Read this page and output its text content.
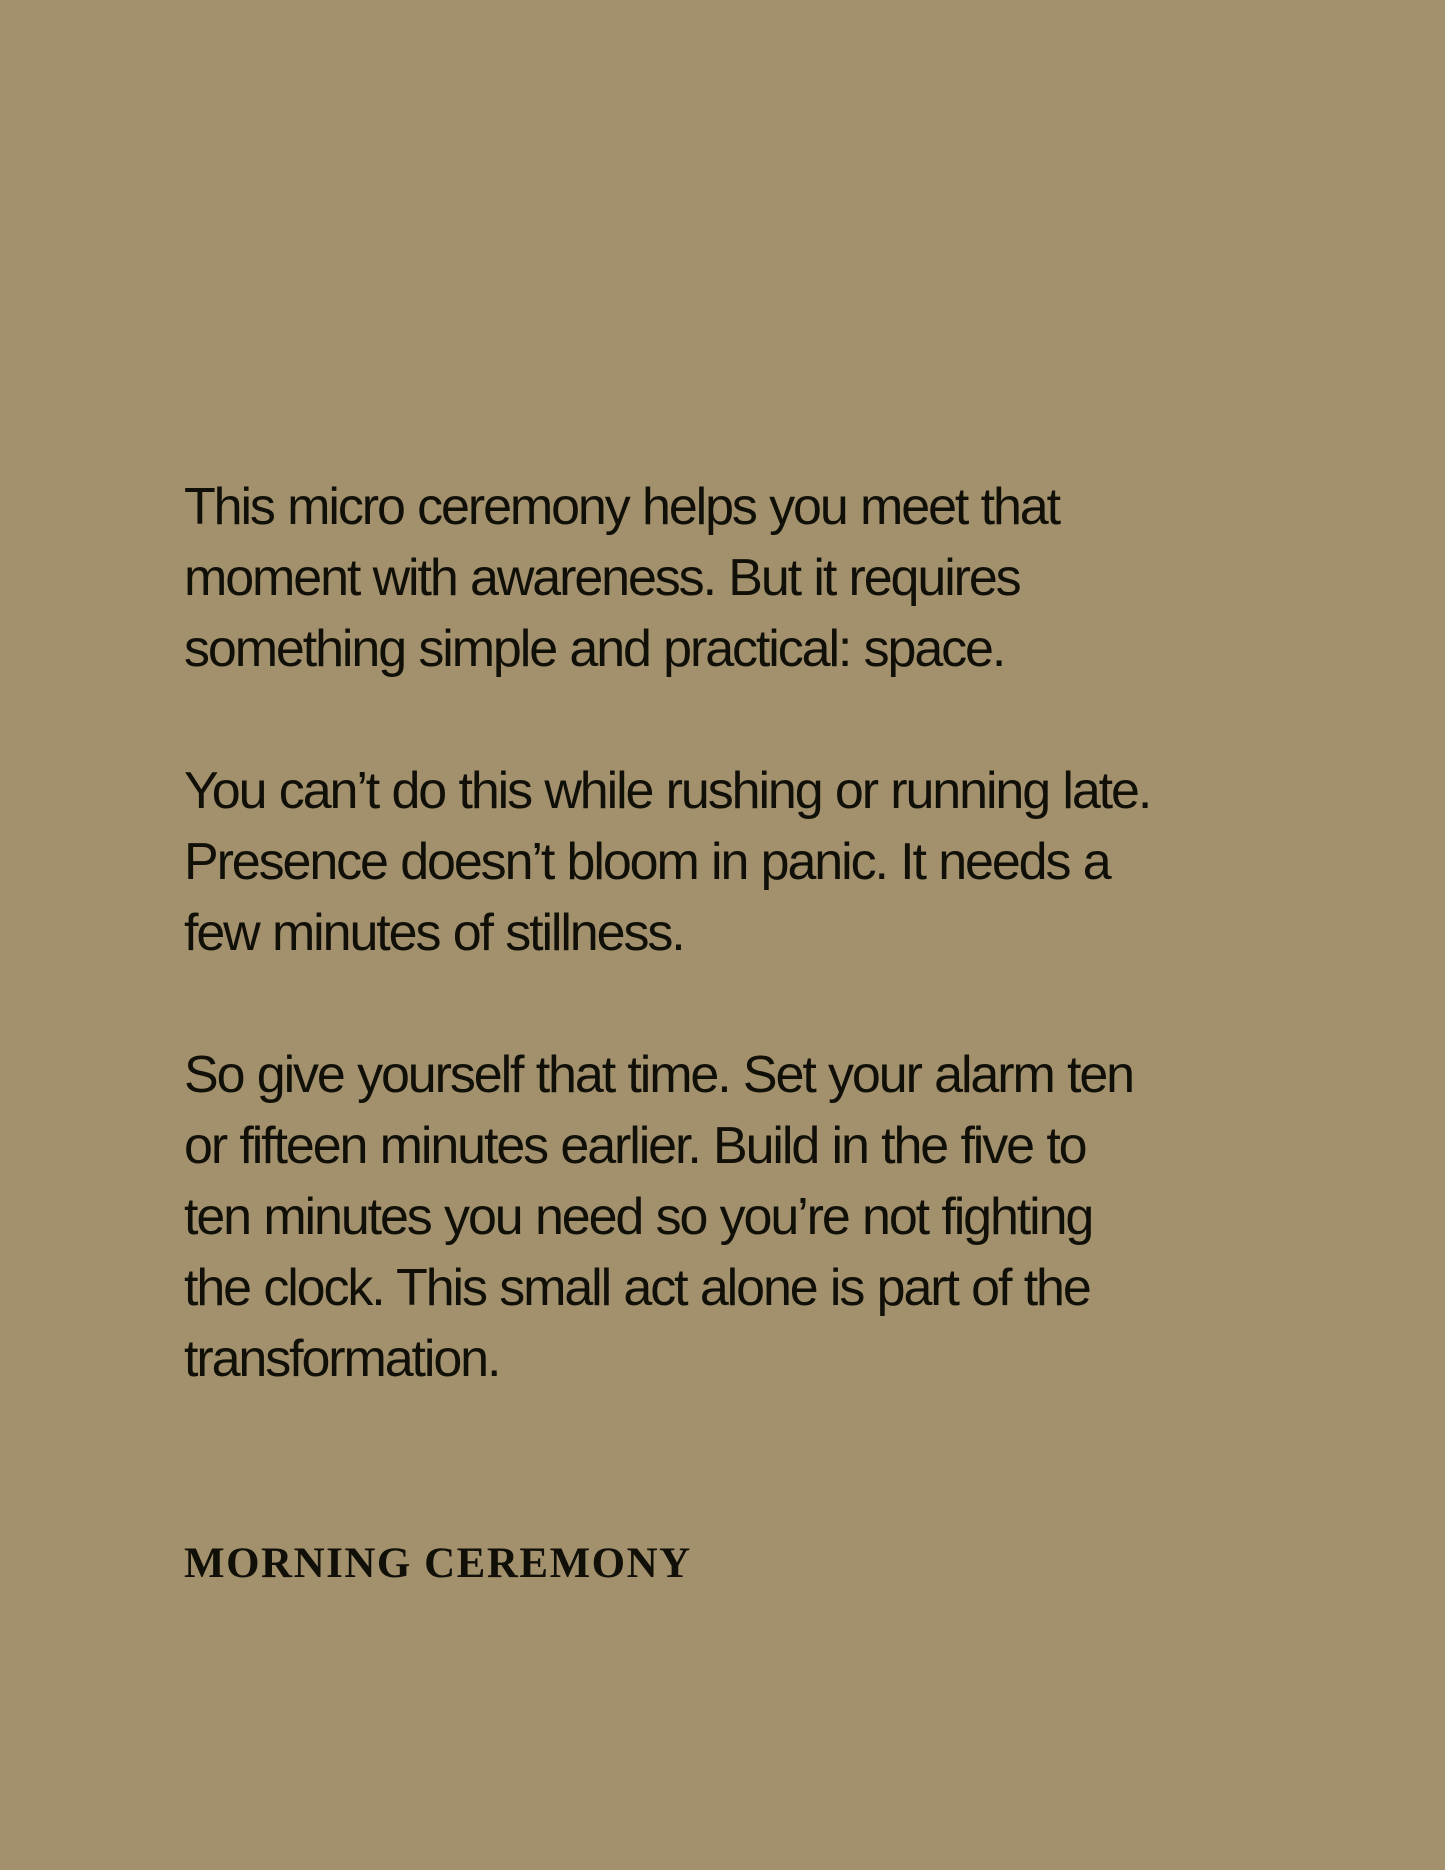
This micro ceremony helps you meet that
moment with awareness. But it requires
something simple and practical: space.

You can’t do this while rushing or running late.
Presence doesn’t bloom in panic. It needs a
few minutes of stillness.

So give yourself that time. Set your alarm ten
or fifteen minutes earlier. Build in the five to
ten minutes you need so you’re not fighting
the clock. This small act alone is part of the
transformation.

MORNING CEREMONY
